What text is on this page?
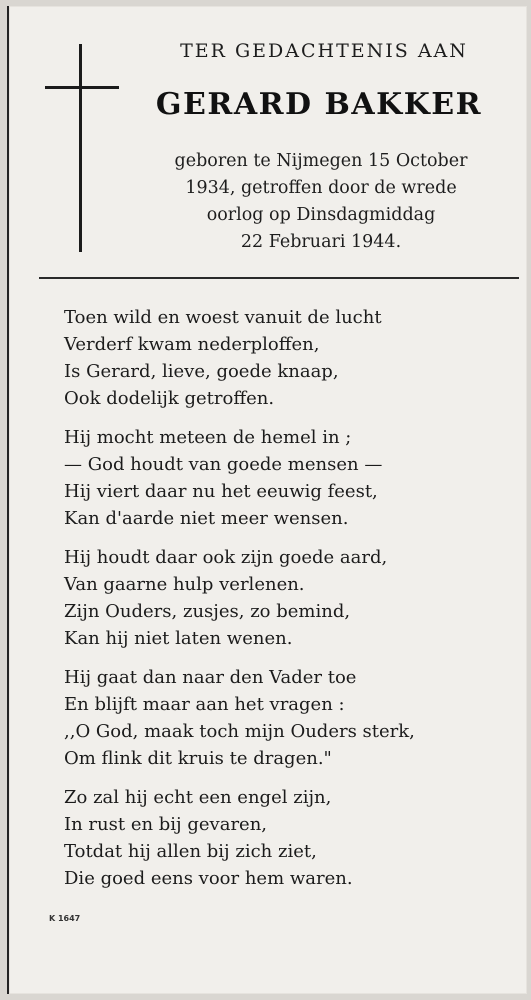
TER GEDACHTENIS AAN
GERARD BAKKER
geboren te Nijmegen 15 October
1934, getroffen door de wrede
oorlog op Dinsdagmiddag
22 Februari 1944.
Toen wild en woest vanuit de lucht
Verderf kwam nederploffen,
Is Gerard, lieve, goede knaap,
Ook dodelijk getroffen.
Hij mocht meteen de hemel in ;
— God houdt van goede mensen —
Hij viert daar nu het eeuwig feest,
Kan d'aarde niet meer wensen.
Hij houdt daar ook zijn goede aard,
Van gaarne hulp verlenen.
Zijn Ouders, zusjes, zo bemind,
Kan hij niet laten wenen.
Hij gaat dan naar den Vader toe
En blijft maar aan het vragen :
,,O God, maak toch mijn Ouders sterk,
Om flink dit kruis te dragen."
Zo zal hij echt een engel zijn,
In rust en bij gevaren,
Totdat hij allen bij zich ziet,
Die goed eens voor hem waren.
K 1647
